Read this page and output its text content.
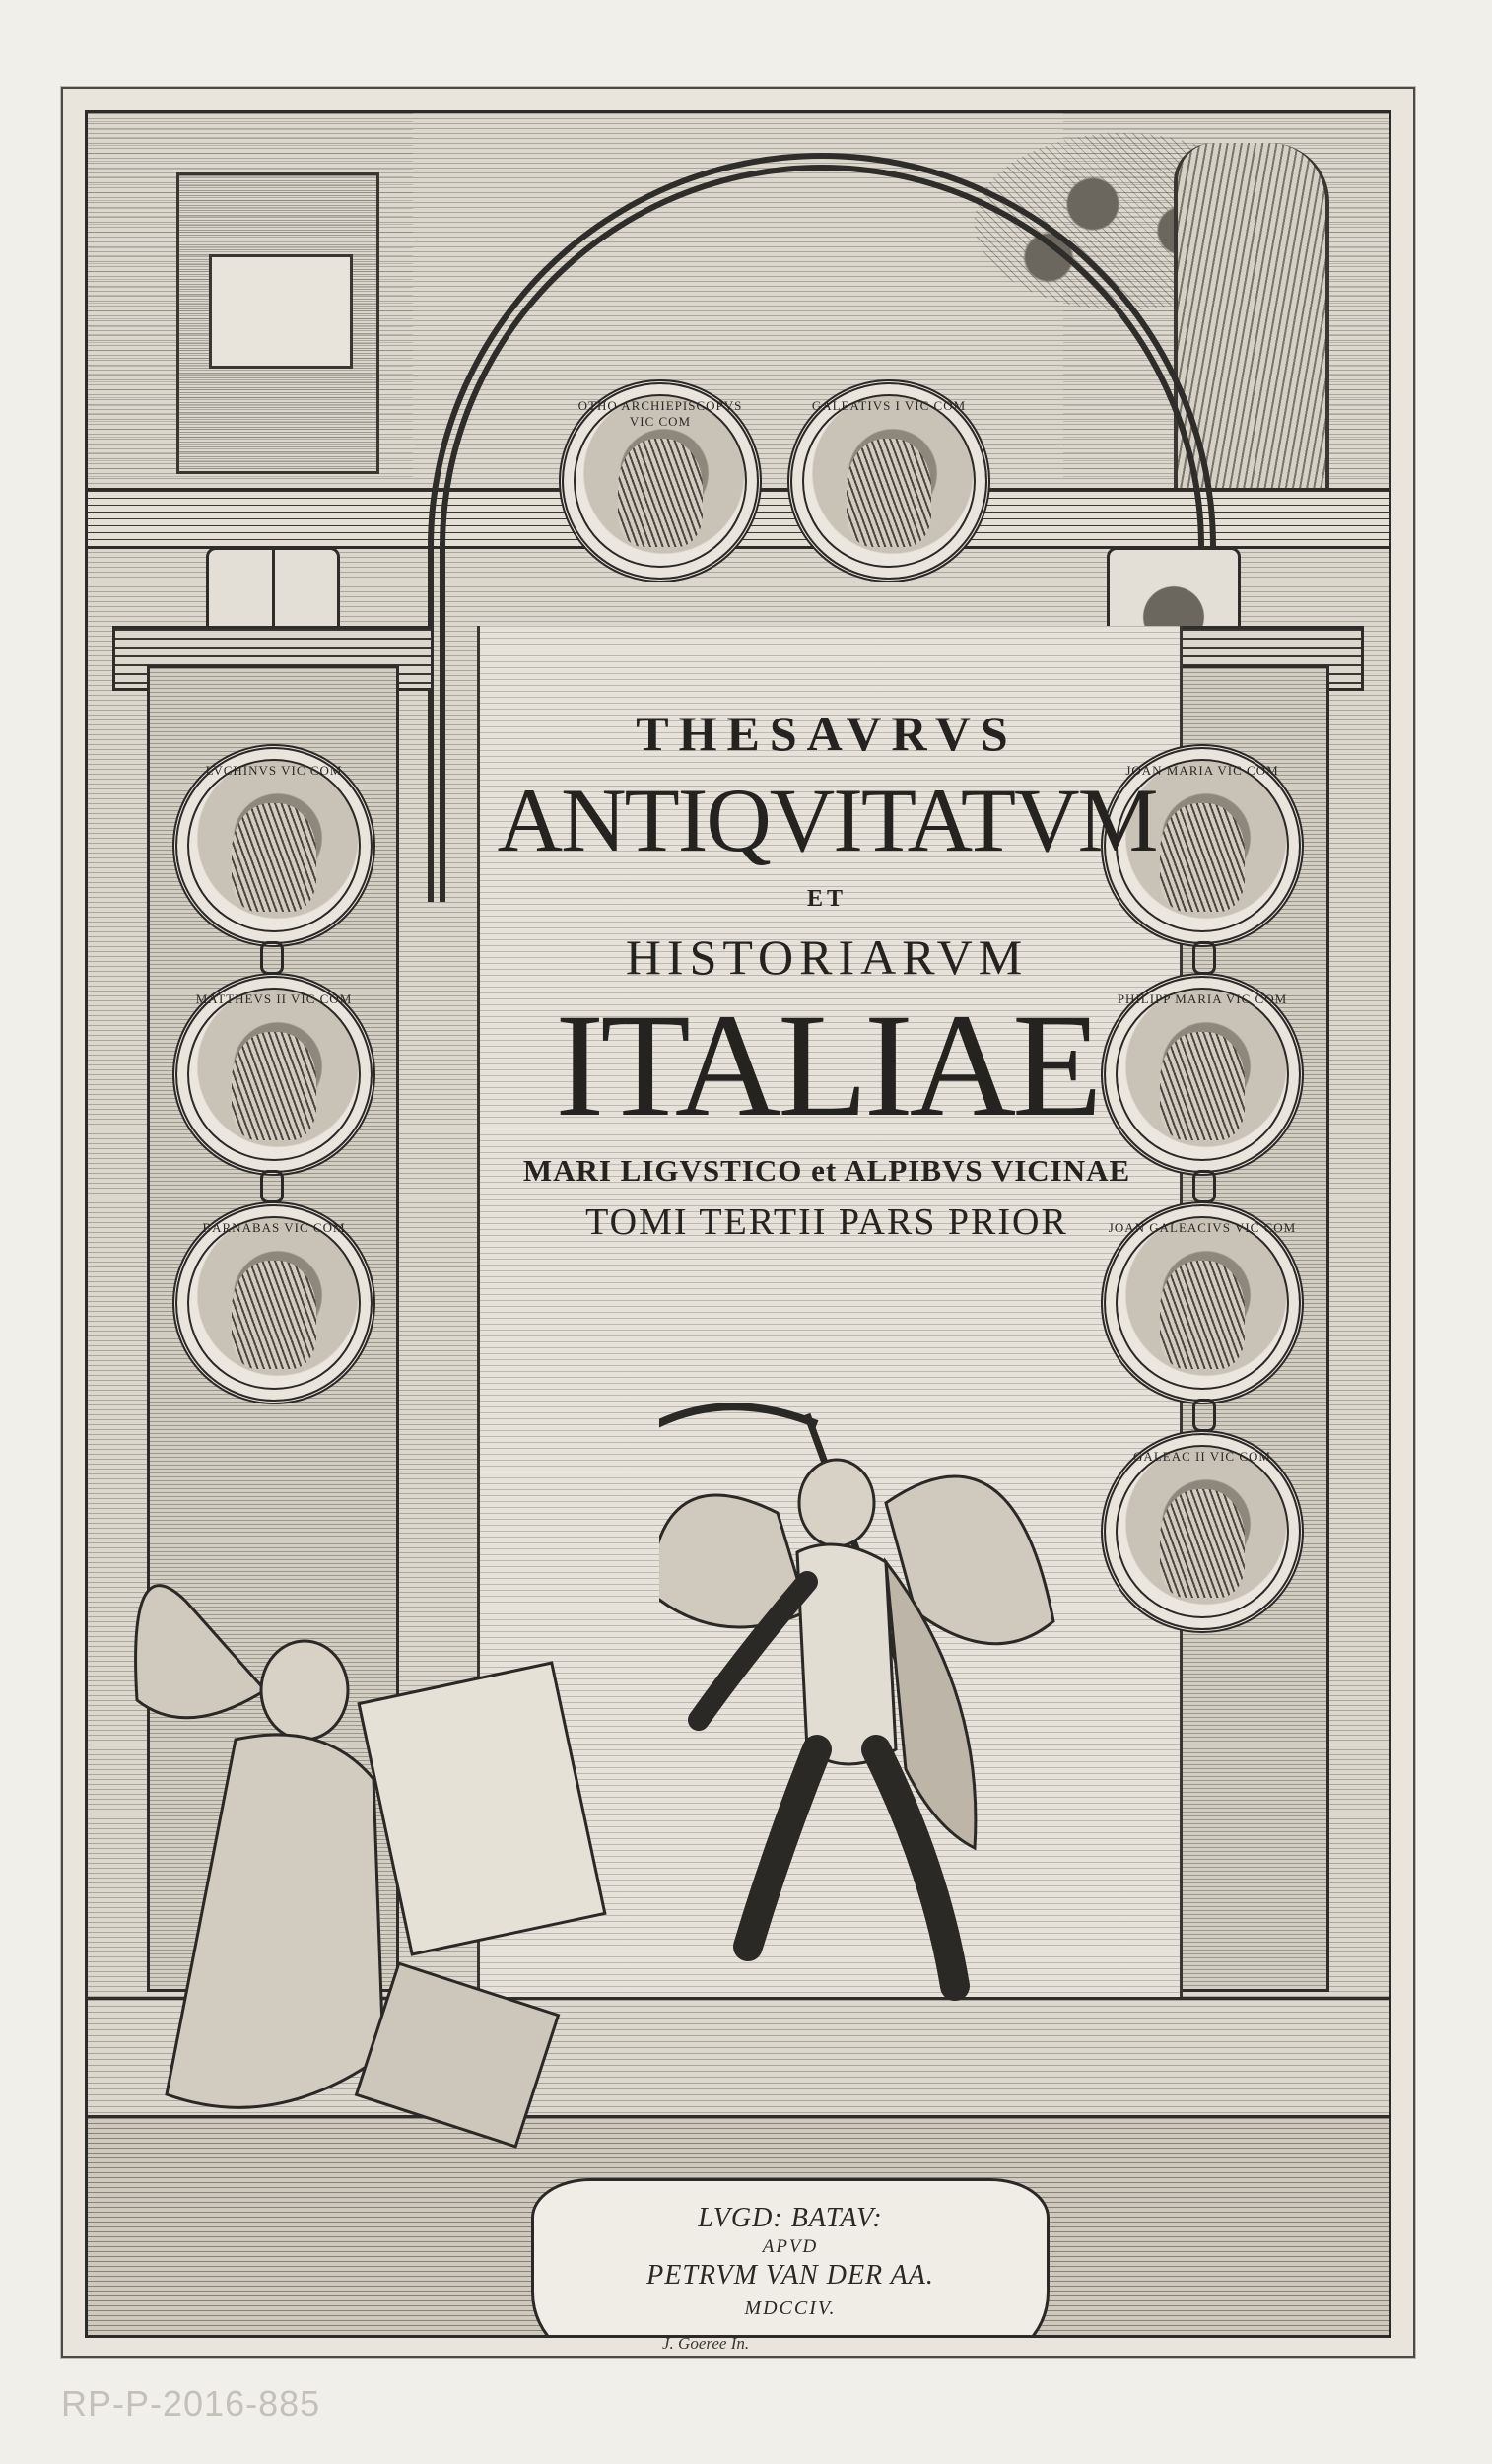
OTHO ARCHIEPISCOPVS VIC COM
GALEATIVS I VIC COM
LVCHINVS VIC COM
MATTHEVS II VIC COM
BARNABAS VIC COM
JOAN MARIA VIC COM
PHILIPP MARIA VIC COM
JOAN GALEACIVS VIC COM
GALEAC II VIC COM

THESAVRVS

ANTIQVITATVM

ET

HISTORIARVM

ITALIAE

MARI LIGVSTICO et ALPIBVS VICINAE

TOMI TERTII PARS PRIOR

LVGD: BATAV:
APVD
PETRVM VAN DER AA.
MDCCIV.
J. Goeree In.
RP-P-2016-885
